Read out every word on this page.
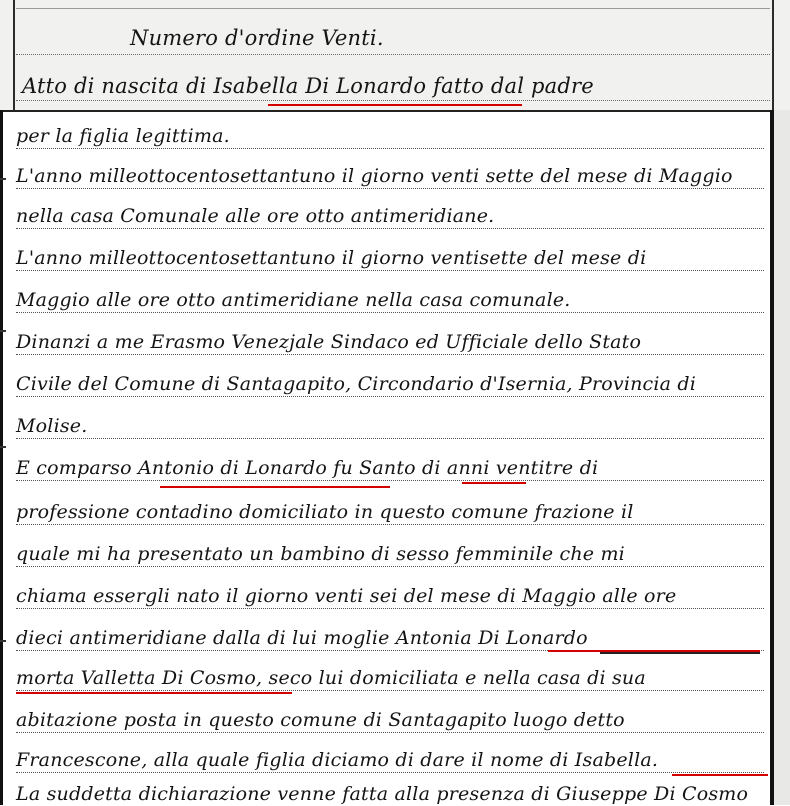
Numero d'ordine Venti.
Atto di nascita di Isabella Di Lonardo fatto dal padre
per la figlia legittima.
L'anno milleottocentosettantuno il giorno venti sette del mese di Maggio
nella casa Comunale alle ore otto antimeridiane.
L'anno milleottocentosettantuno il giorno ventisette del mese di
Maggio alle ore otto antimeridiane nella casa comunale.
Dinanzi a me Erasmo Venezjale Sindaco ed Ufficiale dello Stato
Civile del Comune di Santagapito, Circondario d'Isernia, Provincia di
Molise.
E comparso Antonio di Lonardo fu Santo di anni ventitre di
professione contadino domiciliato in questo comune frazione il
quale mi ha presentato un bambino di sesso femminile che mi
chiama essergli nato il giorno venti sei del mese di Maggio alle ore
dieci antimeridiane dalla di lui moglie Antonia Di Lonardo
morta Valletta Di Cosmo, seco lui domiciliata e nella casa di sua
abitazione posta in questo comune di Santagapito luogo detto
Francescone, alla quale figlia diciamo di dare il nome di Isabella.
La suddetta dichiarazione venne fatta alla presenza di Giuseppe Di Cosmo
